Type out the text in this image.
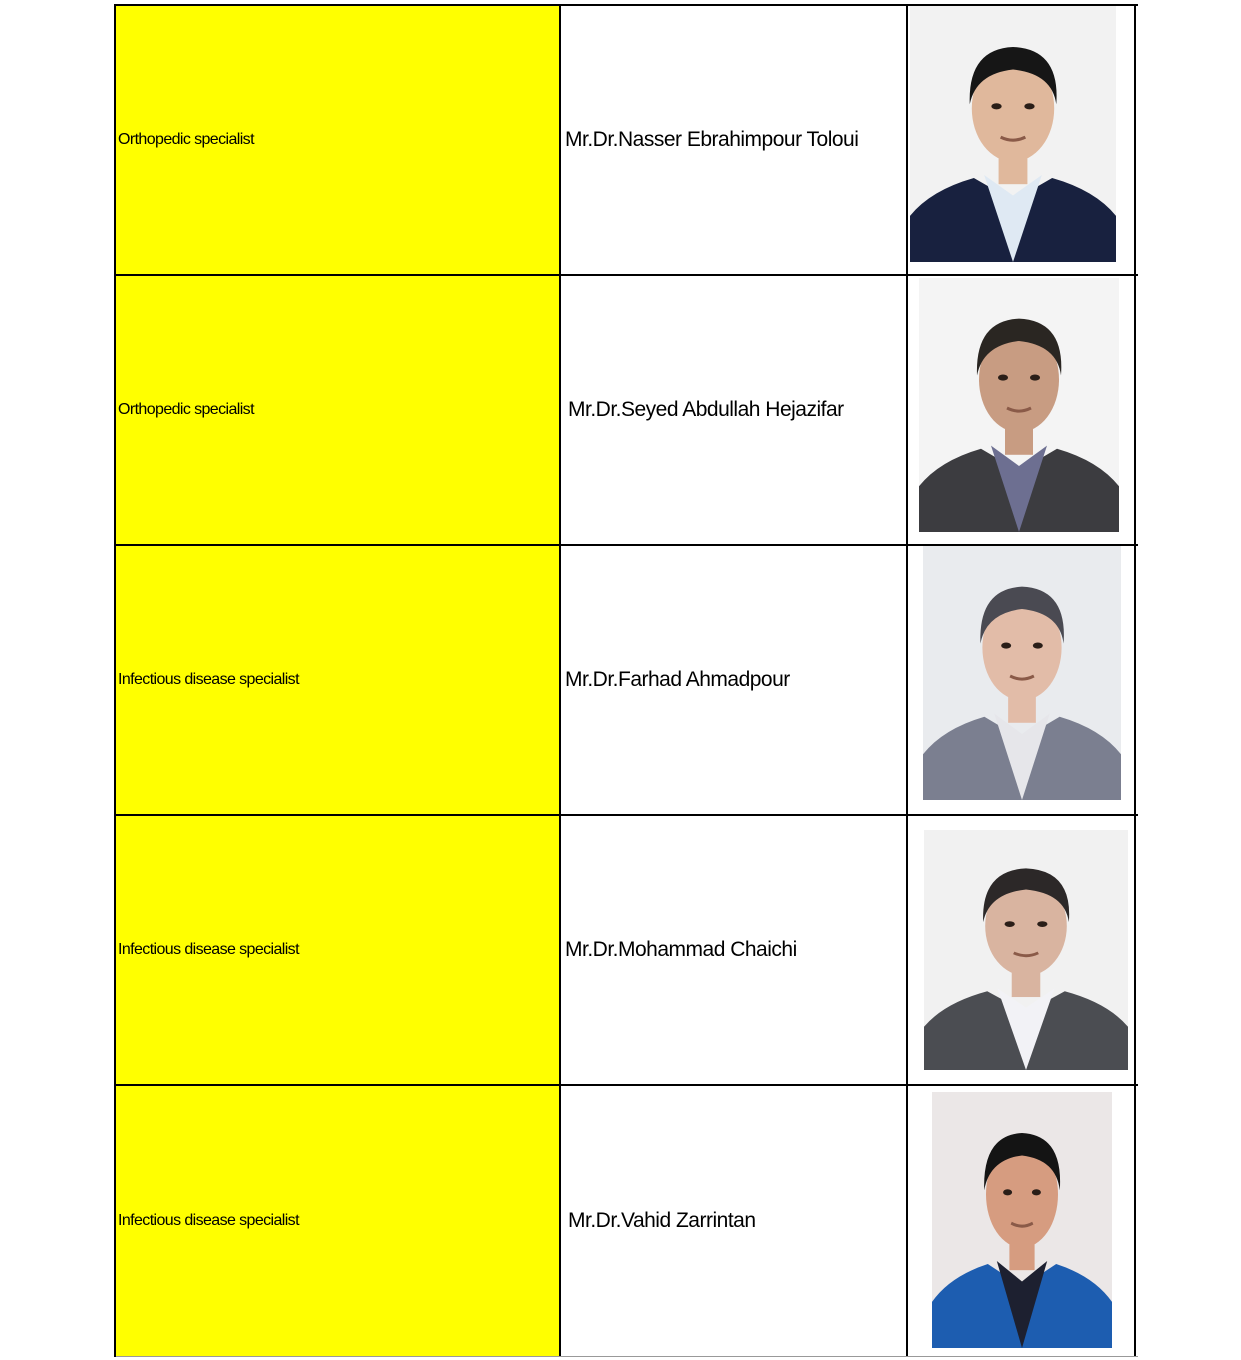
Orthopedic specialist	Mr.Dr.Nasser Ebrahimpour Toloui
Orthopedic specialist	Mr.Dr.Seyed Abdullah Hejazifar
Infectious disease specialist	Mr.Dr.Farhad Ahmadpour
Infectious disease specialist	Mr.Dr.Mohammad Chaichi
Infectious disease specialist	Mr.Dr.Vahid Zarrintan
